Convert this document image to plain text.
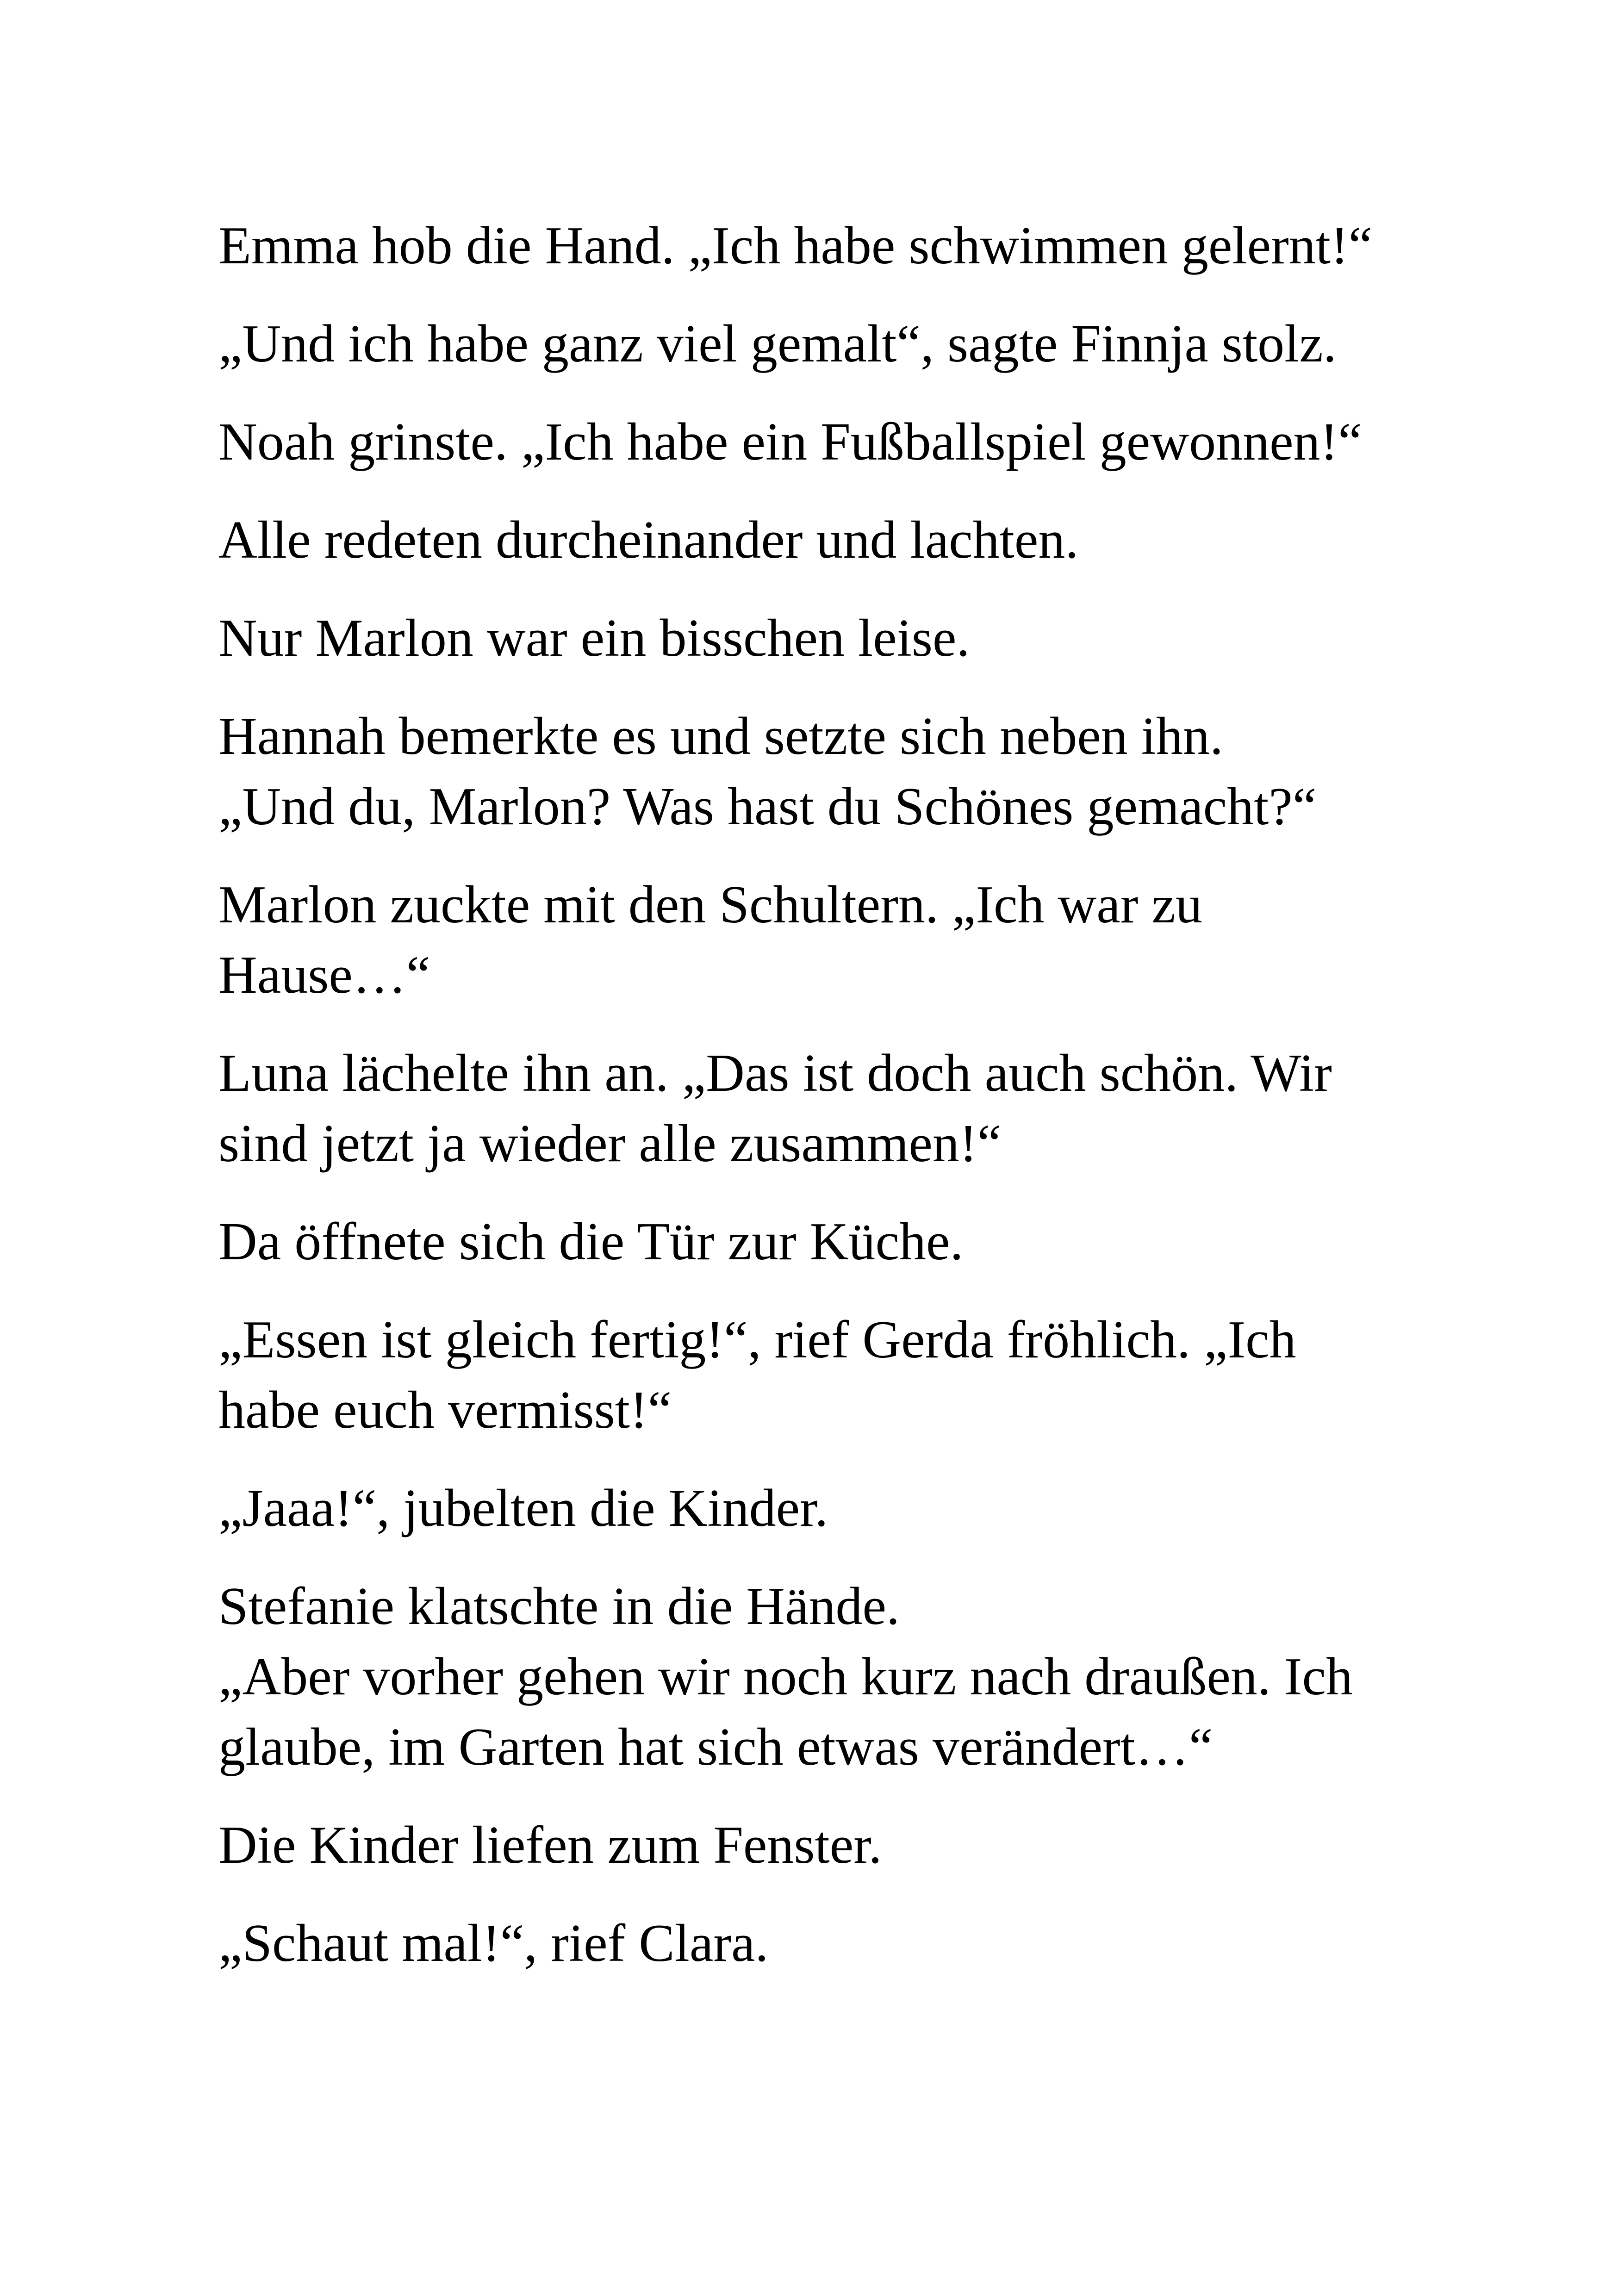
Emma hob die Hand. „Ich habe schwimmen gelernt!“

„Und ich habe ganz viel gemalt“, sagte Finnja stolz.

Noah grinste. „Ich habe ein Fußballspiel gewonnen!“

Alle redeten durcheinander und lachten.

Nur Marlon war ein bisschen leise.

Hannah bemerkte es und setzte sich neben ihn.
„Und du, Marlon? Was hast du Schönes gemacht?“

Marlon zuckte mit den Schultern. „Ich war zu
Hause…“

Luna lächelte ihn an. „Das ist doch auch schön. Wir
sind jetzt ja wieder alle zusammen!“

Da öffnete sich die Tür zur Küche.

„Essen ist gleich fertig!“, rief Gerda fröhlich. „Ich
habe euch vermisst!“

„Jaaa!“, jubelten die Kinder.

Stefanie klatschte in die Hände.
„Aber vorher gehen wir noch kurz nach draußen. Ich
glaube, im Garten hat sich etwas verändert…“

Die Kinder liefen zum Fenster.

„Schaut mal!“, rief Clara.
